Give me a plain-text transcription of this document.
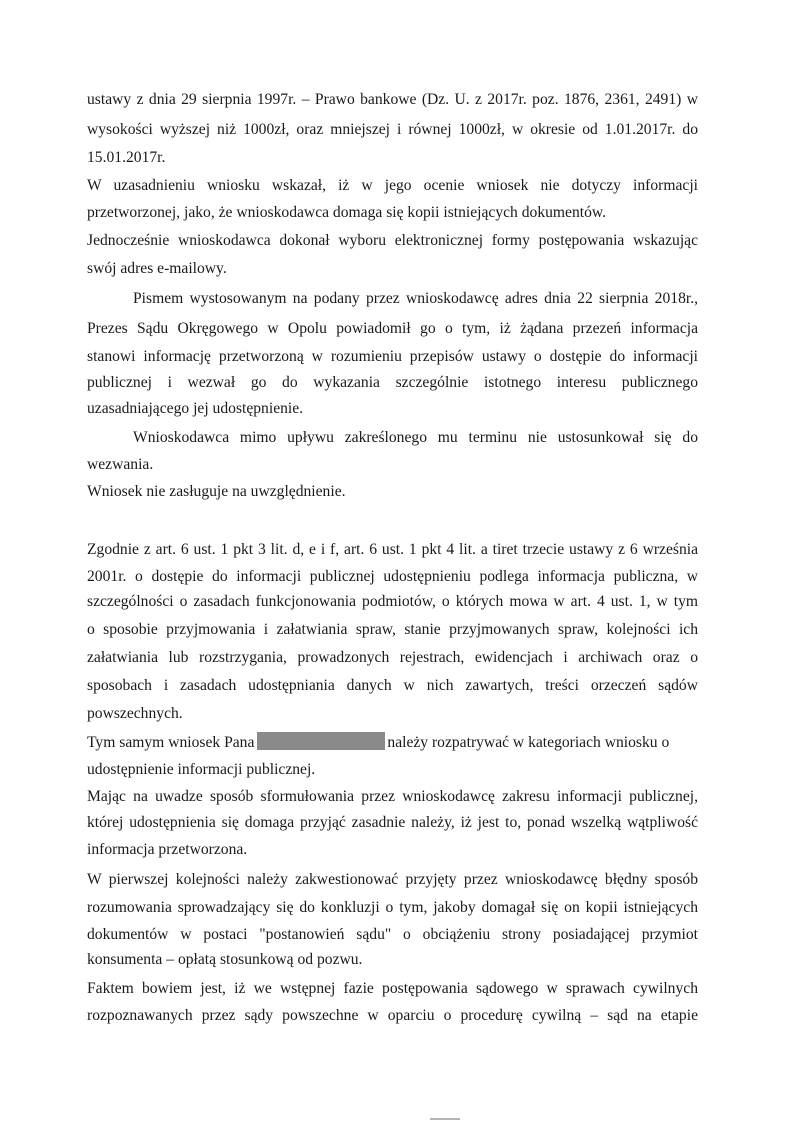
ustawy z dnia 29 sierpnia 1997r. – Prawo bankowe (Dz. U. z 2017r. poz. 1876, 2361, 2491) w
wysokości wyższej niż 1000zł, oraz mniejszej i równej 1000zł, w okresie od 1.01.2017r. do
15.01.2017r.
W uzasadnieniu wniosku wskazał, iż w jego ocenie wniosek nie dotyczy informacji
przetworzonej, jako, że wnioskodawca domaga się kopii istniejących dokumentów.
Jednocześnie wnioskodawca dokonał wyboru elektronicznej formy postępowania wskazując
swój adres e-mailowy.
Pismem wystosowanym na podany przez wnioskodawcę adres dnia 22 sierpnia 2018r.,
Prezes Sądu Okręgowego w Opolu powiadomił go o tym, iż żądana przezeń informacja
stanowi informację przetworzoną w rozumieniu przepisów ustawy o dostępie do informacji
publicznej i wezwał go do wykazania szczególnie istotnego interesu publicznego
uzasadniającego jej udostępnienie.
Wnioskodawca mimo upływu zakreślonego mu terminu nie ustosunkował się do
wezwania.
Wniosek nie zasługuje na uwzględnienie.
Zgodnie z art. 6 ust. 1 pkt 3 lit. d, e i f, art. 6 ust. 1 pkt 4 lit. a tiret trzecie ustawy z 6 września
2001r. o dostępie do informacji publicznej udostępnieniu podlega informacja publiczna, w
szczególności o zasadach funkcjonowania podmiotów, o których mowa w art. 4 ust. 1, w tym
o sposobie przyjmowania i załatwiania spraw, stanie przyjmowanych spraw, kolejności ich
załatwiania lub rozstrzygania, prowadzonych rejestrach, ewidencjach i archiwach oraz o
sposobach i zasadach udostępniania danych w nich zawartych, treści orzeczeń sądów
powszechnych.
Tym samym wniosek Pana	należy rozpatrywać w kategoriach wniosku o
udostępnienie informacji publicznej.
Mając na uwadze sposób sformułowania przez wnioskodawcę zakresu informacji publicznej,
której udostępnienia się domaga przyjąć zasadnie należy, iż jest to, ponad wszelką wątpliwość
informacja przetworzona.
W pierwszej kolejności należy zakwestionować przyjęty przez wnioskodawcę błędny sposób
rozumowania sprowadzający się do konkluzji o tym, jakoby domagał się on kopii istniejących
dokumentów w postaci "postanowień sądu" o obciążeniu strony posiadającej przymiot
konsumenta – opłatą stosunkową od pozwu.
Faktem bowiem jest, iż we wstępnej fazie postępowania sądowego w sprawach cywilnych
rozpoznawanych przez sądy powszechne w oparciu o procedurę cywilną – sąd na etapie
